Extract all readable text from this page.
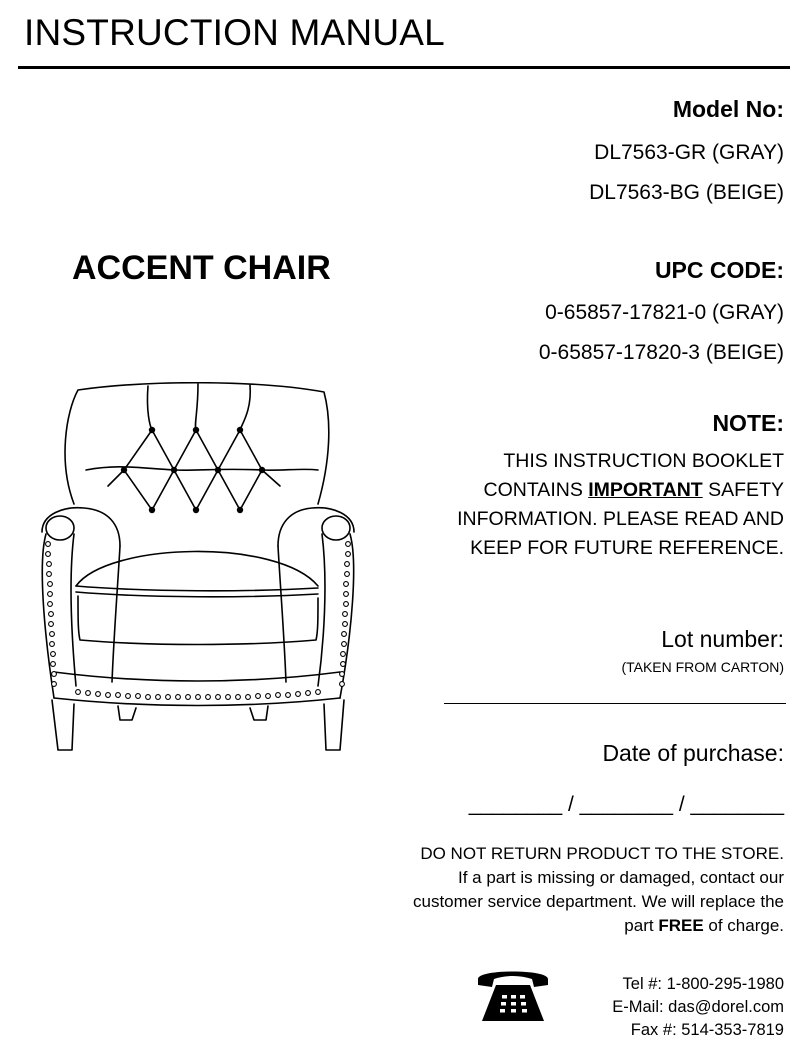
INSTRUCTION MANUAL
Model No:
DL7563-GR (GRAY)
DL7563-BG (BEIGE)
ACCENT CHAIR	UPC CODE:
0-65857-17821-0 (GRAY)
0-65857-17820-3 (BEIGE)
NOTE:
THIS INSTRUCTION BOOKLET CONTAINS IMPORTANT SAFETY INFORMATION. PLEASE READ AND KEEP FOR FUTURE REFERENCE.
Lot number:
(TAKEN FROM CARTON)
Date of purchase:
________ / ________ / ________
DO NOT RETURN PRODUCT TO THE STORE.
If a part is missing or damaged, contact our customer service department. We will replace the part FREE of charge.
Tel #: 1-800-295-1980
E-Mail: das@dorel.com
Fax #: 514-353-7819
